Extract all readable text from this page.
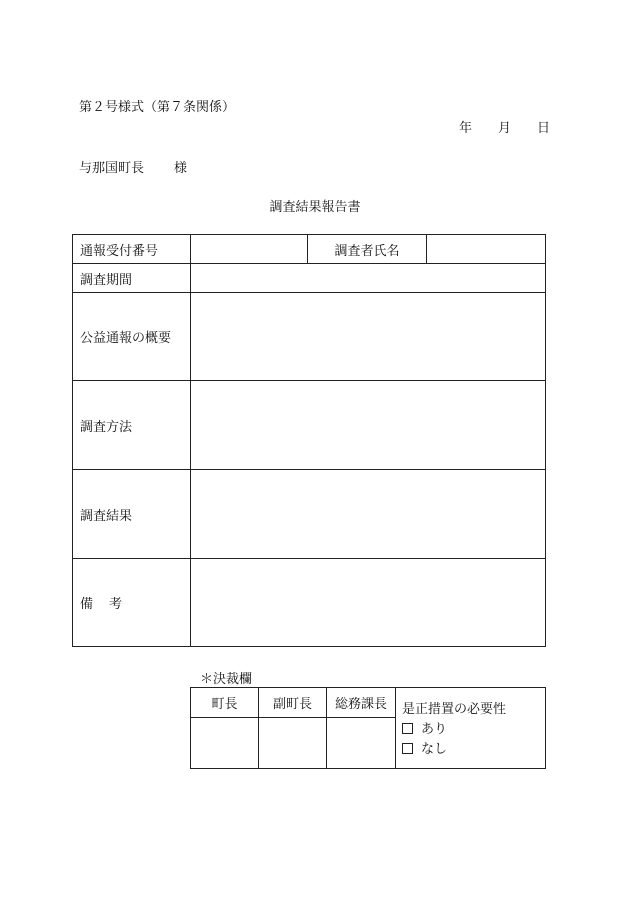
第２号様式（第７条関係）
年 月 日
与那国町長 様
調査結果報告書
通報受付番号		調査者氏名	
調査期間			
公益通報の概要			
調査方法			
調査結果			
備 考			
＊決裁欄
町長	副町長	総務課長	是正措置の必要性
あり
なし
